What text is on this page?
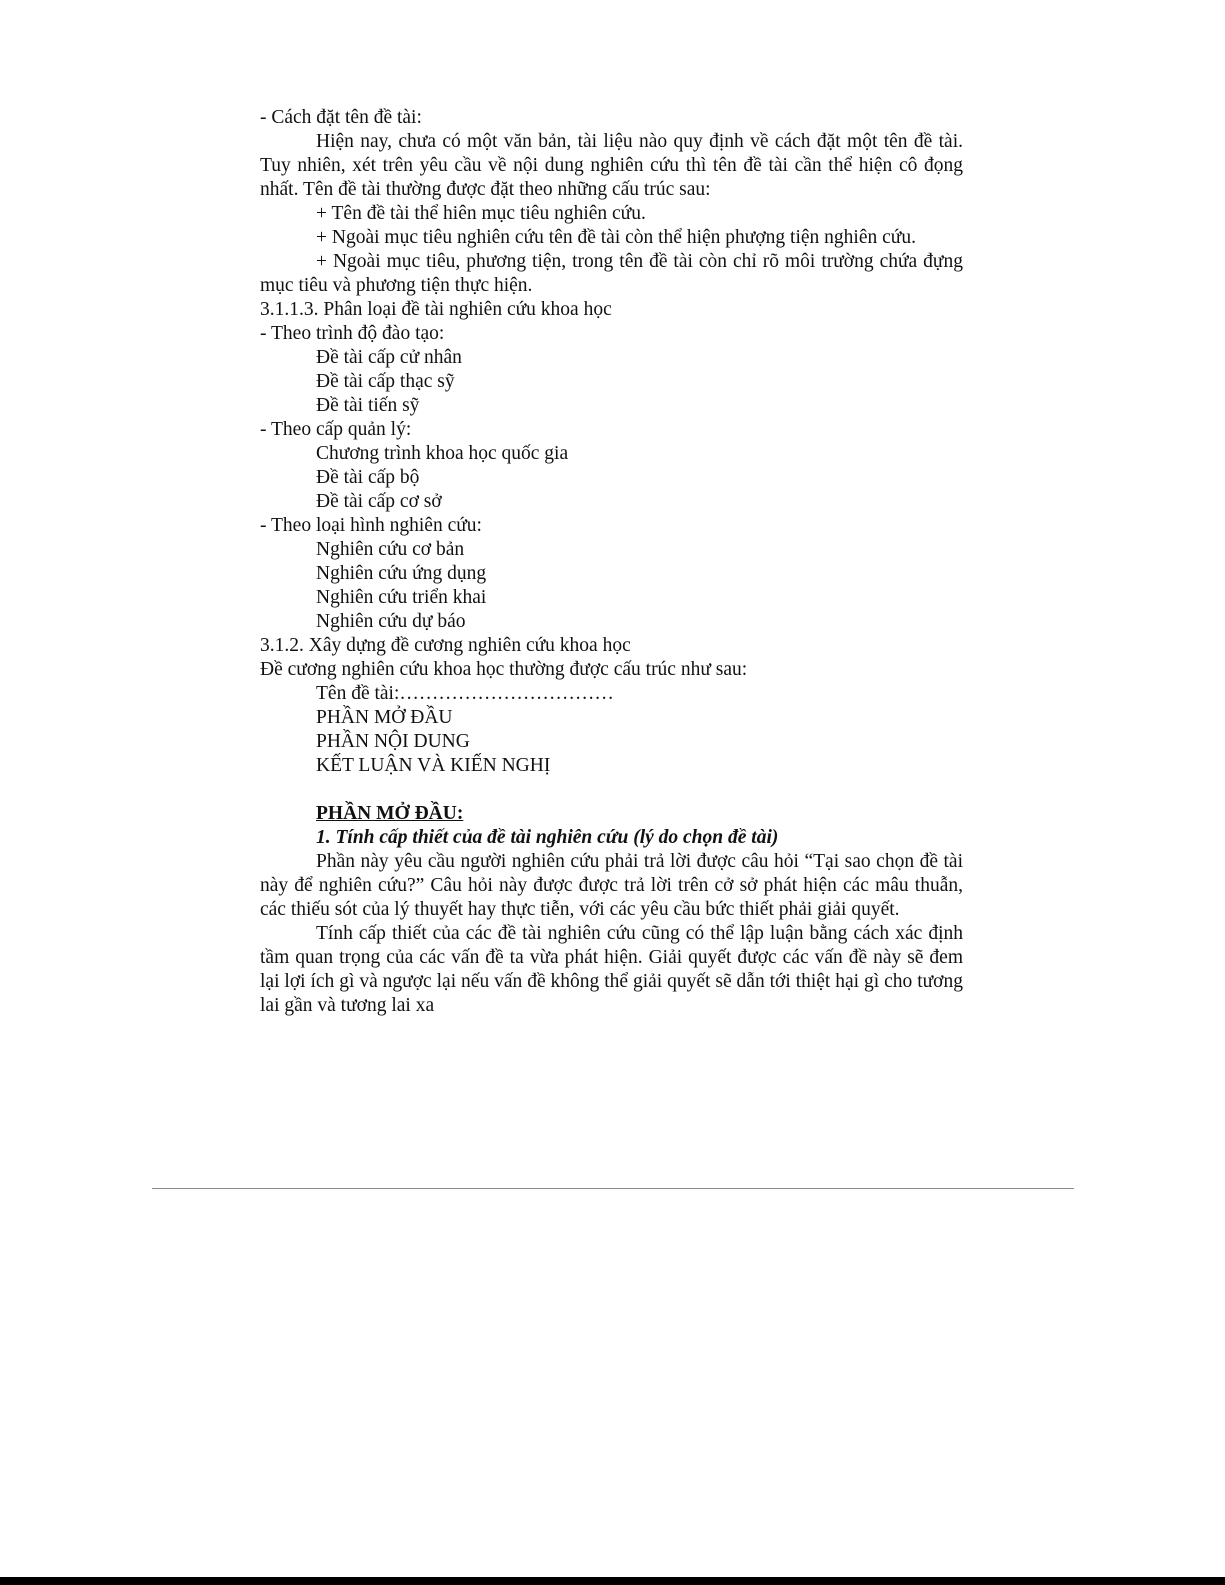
- Cách đặt tên đề tài:
Hiện nay, chưa có một văn bản, tài liệu nào quy định về cách đặt một tên đề tài. Tuy nhiên, xét trên yêu cầu về nội dung nghiên cứu thì tên đề tài cần thể hiện cô đọng nhất. Tên đề tài thường được đặt theo những cấu trúc sau:
+ Tên đề tài thể hiên mục tiêu nghiên cứu.
+ Ngoài mục tiêu nghiên cứu tên đề tài còn thể hiện phượng tiện nghiên cứu.
+ Ngoài mục tiêu, phương tiện, trong tên đề tài còn chỉ rõ môi trường chứa đựng mục tiêu và phương tiện thực hiện.
3.1.1.3. Phân loại đề tài nghiên cứu khoa học
- Theo trình độ đào tạo:
Đề tài cấp cử nhân
Đề tài cấp thạc sỹ
Đề tài tiến sỹ
- Theo cấp quản lý:
Chương trình khoa học quốc gia
Đề tài cấp bộ
Đề tài cấp cơ sở
- Theo loại hình nghiên cứu:
Nghiên cứu cơ bản
Nghiên cứu ứng dụng
Nghiên cứu triển khai
Nghiên cứu dự báo
3.1.2. Xây dựng đề cương nghiên cứu khoa học
Đề cương nghiên cứu khoa học thường được cấu trúc như sau:
Tên đề tài:……………………………
PHẦN MỞ ĐẦU
PHẦN NỘI DUNG
KẾT LUẬN VÀ KIẾN NGHỊ
PHẦN MỞ ĐẦU:
1. Tính cấp thiết của đề tài nghiên cứu (lý do chọn đề tài)
Phần này yêu cầu người nghiên cứu phải trả lời được câu hỏi “Tại sao chọn đề tài này để nghiên cứu?” Câu hỏi này được được trả lời trên cở sở phát hiện các mâu thuẫn, các thiếu sót của lý thuyết hay thực tiễn, với các yêu cầu bức thiết phải giải quyết.
Tính cấp thiết của các đề tài nghiên cứu cũng có thể lập luận bằng cách xác định tầm quan trọng của các vấn đề ta vừa phát hiện. Giải quyết được các vấn đề này sẽ đem lại lợi ích gì và ngược lại nếu vấn đề không thể giải quyết sẽ dẫn tới thiệt hại gì cho tương lai gần và tương lai xa
